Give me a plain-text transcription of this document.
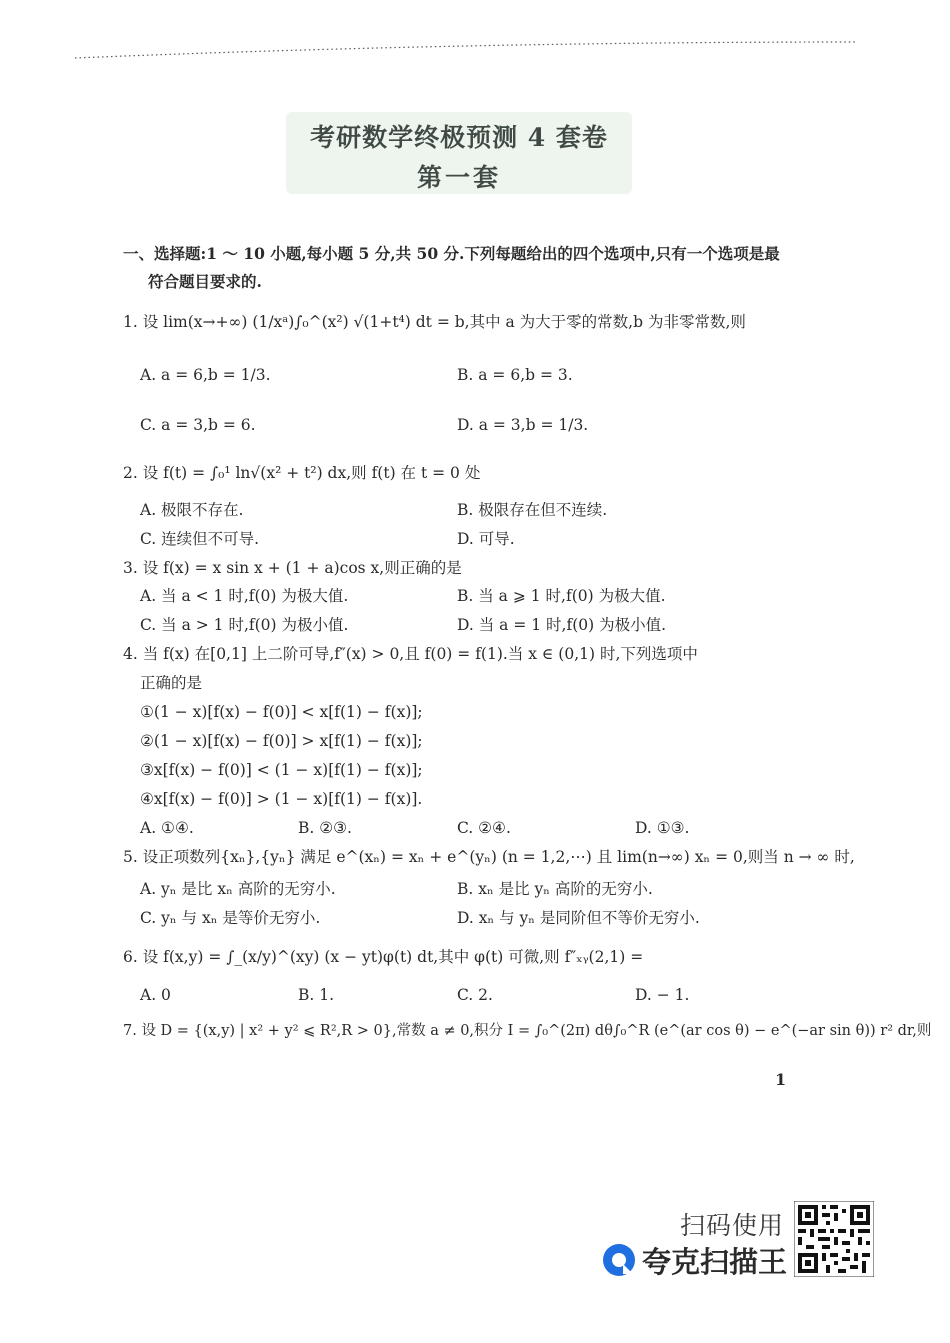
考研数学终极预测 4 套卷
第一套
一、选择题:1 ～ 10 小题,每小题 5 分,共 50 分.下列每题给出的四个选项中,只有一个选项是最
符合题目要求的.
1. 设 lim(x→+∞) (1/xᵃ)∫₀^(x²) √(1+t⁴) dt = b,其中 a 为大于零的常数,b 为非零常数,则
A. a = 6,b = 1/3.	B. a = 6,b = 3.
C. a = 3,b = 6.	D. a = 3,b = 1/3.
2. 设 f(t) = ∫₀¹ ln√(x² + t²) dx,则 f(t) 在 t = 0 处
A. 极限不存在.	B. 极限存在但不连续.
C. 连续但不可导.	D. 可导.
3. 设 f(x) = x sin x + (1 + a)cos x,则正确的是
A. 当 a < 1 时,f(0) 为极大值.	B. 当 a ⩾ 1 时,f(0) 为极大值.
C. 当 a > 1 时,f(0) 为极小值.	D. 当 a = 1 时,f(0) 为极小值.
4. 当 f(x) 在[0,1] 上二阶可导,f″(x) > 0,且 f(0) = f(1).当 x ∈ (0,1) 时,下列选项中
正确的是
①(1 − x)[f(x) − f(0)] < x[f(1) − f(x)];
②(1 − x)[f(x) − f(0)] > x[f(1) − f(x)];
③x[f(x) − f(0)] < (1 − x)[f(1) − f(x)];
④x[f(x) − f(0)] > (1 − x)[f(1) − f(x)].
A. ①④.	B. ②③.	C. ②④.	D. ①③.
5. 设正项数列{xₙ},{yₙ} 满足 e^(xₙ) = xₙ + e^(yₙ) (n = 1,2,⋯) 且 lim(n→∞) xₙ = 0,则当 n → ∞ 时,
A. yₙ 是比 xₙ 高阶的无穷小.	B. xₙ 是比 yₙ 高阶的无穷小.
C. yₙ 与 xₙ 是等价无穷小.	D. xₙ 与 yₙ 是同阶但不等价无穷小.
6. 设 f(x,y) = ∫_(x/y)^(xy) (x − yt)φ(t) dt,其中 φ(t) 可微,则 f″ₓᵧ(2,1) =
A. 0	B. 1.	C. 2.	D. − 1.
7. 设 D = {(x,y) | x² + y² ⩽ R²,R > 0},常数 a ≠ 0,积分 I = ∫₀^(2π) dθ∫₀^R (e^(ar cos θ) − e^(−ar sin θ)) r² dr,则
1
扫码使用
夸克扫描王
